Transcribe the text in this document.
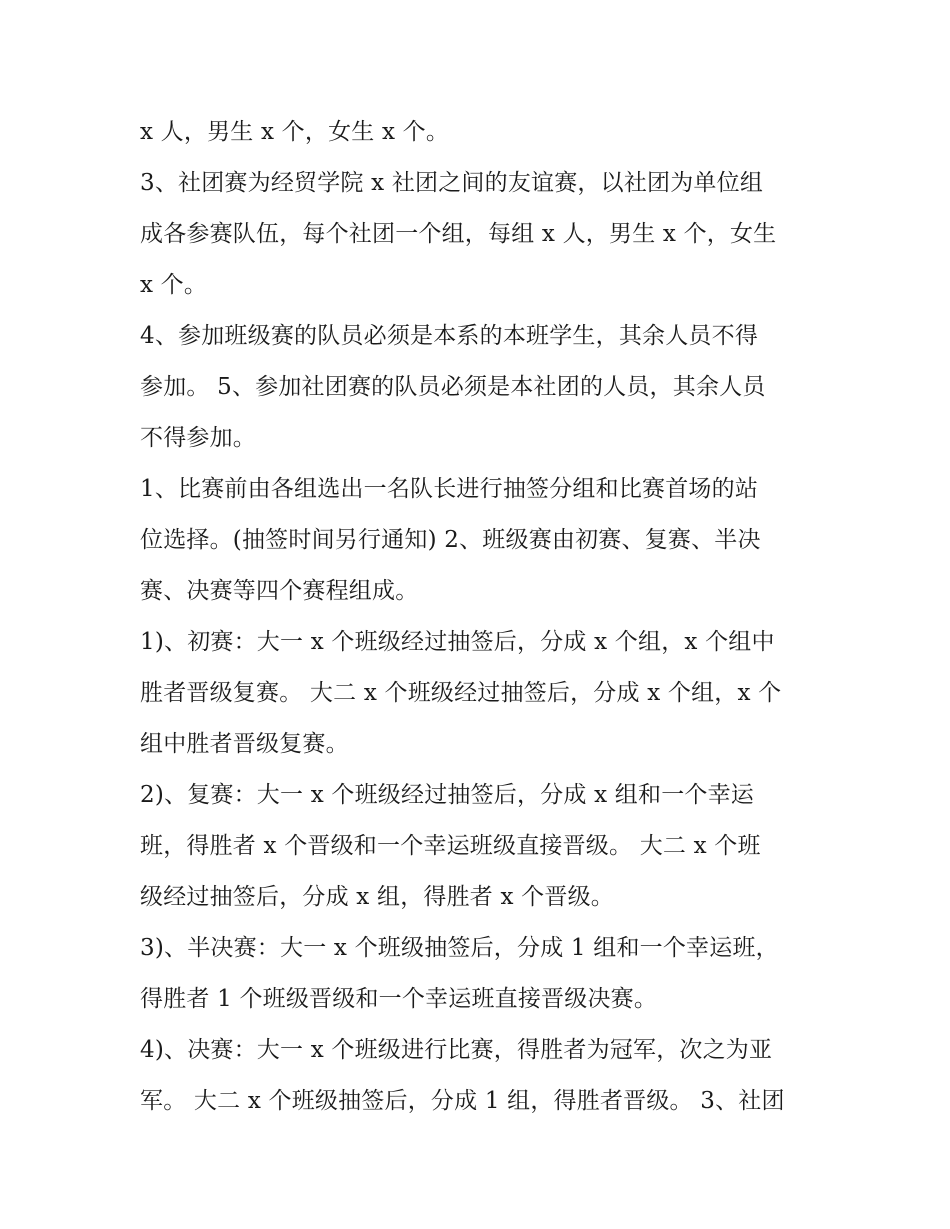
x 人，男生 x 个，女生 x 个。
3、社团赛为经贸学院 x 社团之间的友谊赛，以社团为单位组
成各参赛队伍，每个社团一个组，每组 x 人，男生 x 个，女生
x 个。
4、参加班级赛的队员必须是本系的本班学生，其余人员不得
参加。 5、参加社团赛的队员必须是本社团的人员，其余人员
不得参加。
1、比赛前由各组选出一名队长进行抽签分组和比赛首场的站
位选择。(抽签时间另行通知) 2、班级赛由初赛、复赛、半决
赛、决赛等四个赛程组成。
1)、初赛：大一 x 个班级经过抽签后，分成 x 个组，x 个组中
胜者晋级复赛。 大二 x 个班级经过抽签后，分成 x 个组，x 个
组中胜者晋级复赛。
2)、复赛：大一 x 个班级经过抽签后，分成 x 组和一个幸运
班，得胜者 x 个晋级和一个幸运班级直接晋级。 大二 x 个班
级经过抽签后，分成 x 组，得胜者 x 个晋级。
3)、半决赛：大一 x 个班级抽签后，分成 1 组和一个幸运班，
得胜者 1 个班级晋级和一个幸运班直接晋级决赛。
4)、决赛：大一 x 个班级进行比赛，得胜者为冠军，次之为亚
军。 大二 x 个班级抽签后，分成 1 组，得胜者晋级。 3、社团
